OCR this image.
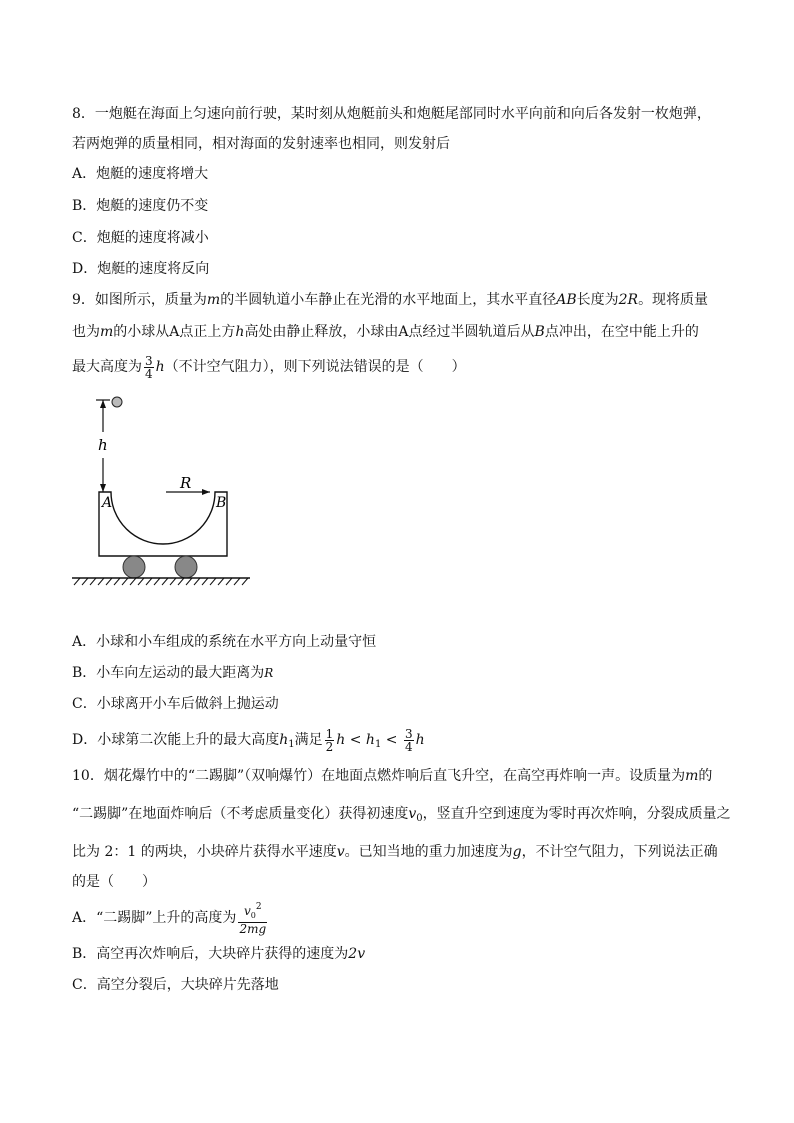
8．一炮艇在海面上匀速向前行驶，某时刻从炮艇前头和炮艇尾部同时水平向前和向后各发射一枚炮弹，
若两炮弹的质量相同，相对海面的发射速率也相同，则发射后
A．炮艇的速度将增大
B．炮艇的速度仍不变
C．炮艇的速度将减小
D．炮艇的速度将反向
9．如图所示，质量为m的半圆轨道小车静止在光滑的水平地面上，其水平直径AB长度为2R。现将质量
也为m的小球从A点正上方h高处由静止释放，小球由A点经过半圆轨道后从B点冲出，在空中能上升的
最大高度为 $\frac{3}{4} h$（不计空气阻力），则下列说法错误的是（　　）
h
R
A	B
A．小球和小车组成的系统在水平方向上动量守恒
B．小车向左运动的最大距离为R
C．小球离开小车后做斜上抛运动
D．小球第二次能上升的最大高度$h_1$满足 $\frac{1}{2}$ $h < h_1 < \frac{3}{4}$ h
10．烟花爆竹中的“二踢脚”（双响爆竹）在地面点燃炸响后直飞升空，在高空再炸响一声。设质量为m的
“二踢脚”在地面炸响后（不考虑质量变化）获得初速度$v_0$，竖直升空到速度为零时再次炸响，分裂成质量之
比为 2：1 的两块，小块碎片获得水平速度v。已知当地的重力加速度为g，不计空气阻力，下列说法正确
的是（　　）
A．“二踢脚”上升的高度为 $\frac{v_0^2}{2mg}$
B．高空再次炸响后，大块碎片获得的速度为2v
C．高空分裂后，大块碎片先落地
